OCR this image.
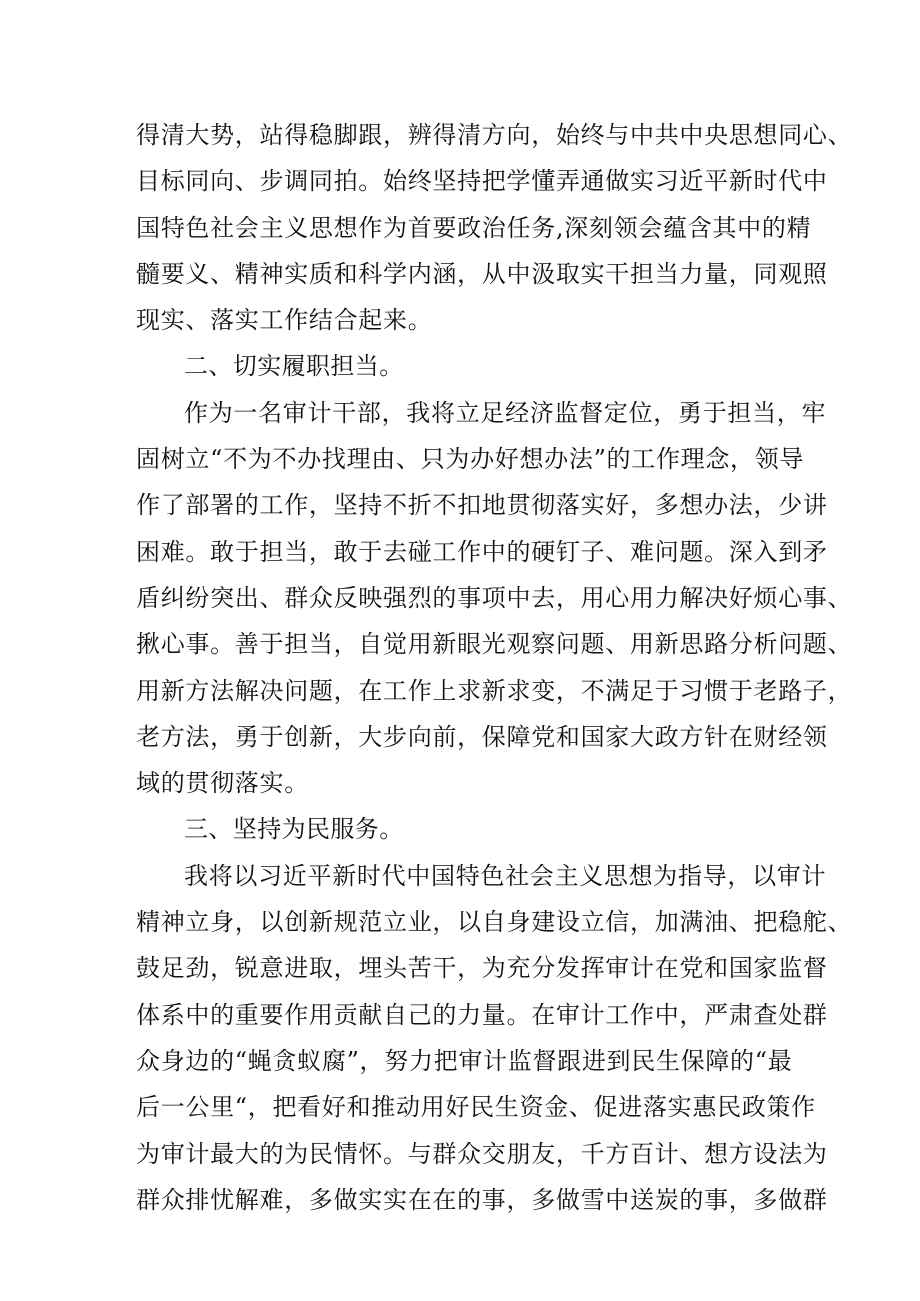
得清大势，站得稳脚跟，辨得清方向，始终与中共中央思想同心、
目标同向、步调同拍。始终坚持把学懂弄通做实习近平新时代中
国特色社会主义思想作为首要政治任务,深刻领会蕴含其中的精
髓要义、精神实质和科学内涵，从中汲取实干担当力量，同观照
现实、落实工作结合起来。
二、切实履职担当。
作为一名审计干部，我将立足经济监督定位，勇于担当，牢
固树立“不为不办找理由、只为办好想办法”的工作理念，领导
作了部署的工作，坚持不折不扣地贯彻落实好，多想办法，少讲
困难。敢于担当，敢于去碰工作中的硬钉子、难问题。深入到矛
盾纠纷突出、群众反映强烈的事项中去，用心用力解决好烦心事、
揪心事。善于担当，自觉用新眼光观察问题、用新思路分析问题、
用新方法解决问题，在工作上求新求变，不满足于习惯于老路子，
老方法，勇于创新，大步向前，保障党和国家大政方针在财经领
域的贯彻落实。
三、坚持为民服务。
我将以习近平新时代中国特色社会主义思想为指导，以审计
精神立身，以创新规范立业，以自身建设立信，加满油、把稳舵、
鼓足劲，锐意进取，埋头苦干，为充分发挥审计在党和国家监督
体系中的重要作用贡献自己的力量。在审计工作中，严肃查处群
众身边的“蝇贪蚁腐”，努力把审计监督跟进到民生保障的“最
后一公里“，把看好和推动用好民生资金、促进落实惠民政策作
为审计最大的为民情怀。与群众交朋友，千方百计、想方设法为
群众排忧解难，多做实实在在的事，多做雪中送炭的事，多做群
